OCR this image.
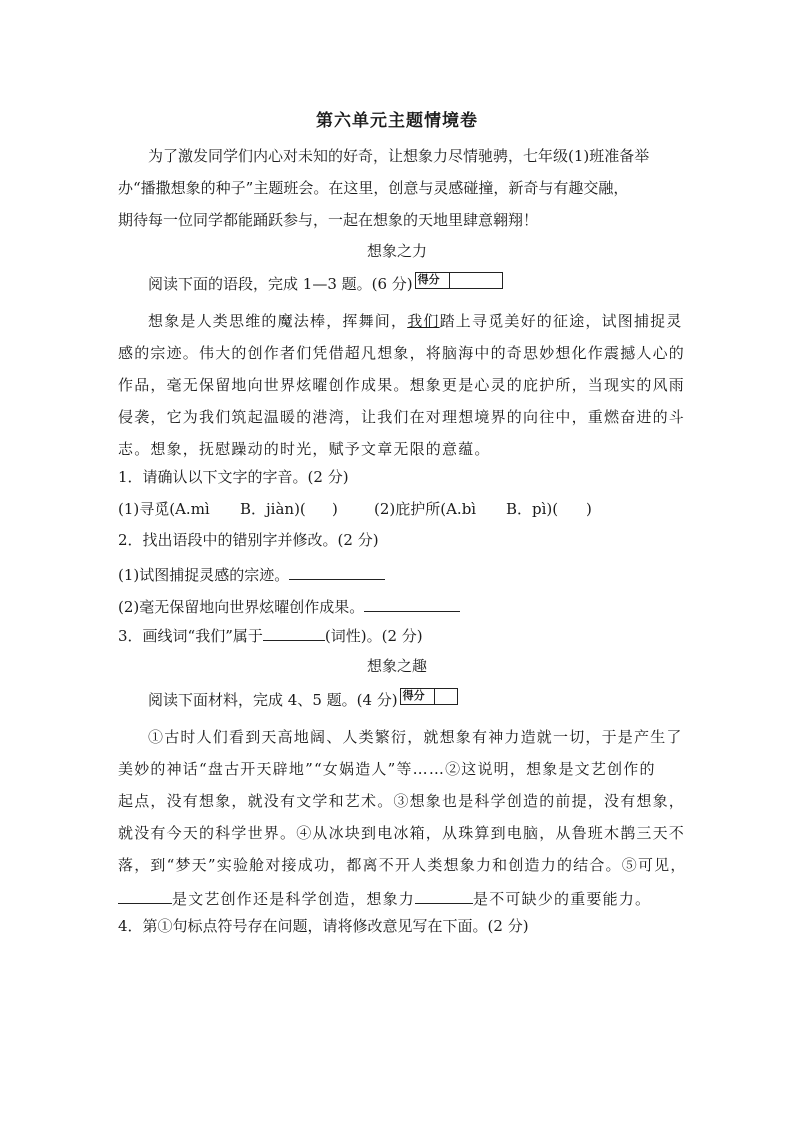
第六单元主题情境卷
为了激发同学们内心对未知的好奇，让想象力尽情驰骋，七年级(1)班准备举
办“播撒想象的种子”主题班会。在这里，创意与灵感碰撞，新奇与有趣交融，
期待每一位同学都能踊跃参与，一起在想象的天地里肆意翱翔！
想象之力
阅读下面的语段，完成 1—3 题。(6 分) 得分
想象是人类思维的魔法棒，挥舞间，我们踏上寻觅美好的征途，试图捕捉灵
感的宗迹。伟大的创作者们凭借超凡想象，将脑海中的奇思妙想化作震撼人心的
作品，毫无保留地向世界炫曜创作成果。想象更是心灵的庇护所，当现实的风雨
侵袭，它为我们筑起温暖的港湾，让我们在对理想境界的向往中，重燃奋进的斗
志。想象，抚慰躁动的时光，赋予文章无限的意蕴。
1．请确认以下文字的字音。(2 分)
(1)寻觅(A.mì B．jiàn)( ) (2)庇护所(A.bì B．pì)( )
2．找出语段中的错别字并修改。(2 分)
(1)试图捕捉灵感的宗迹。
(2)毫无保留地向世界炫曜创作成果。
3．画线词“我们”属于	(词性)。(2 分)
想象之趣
阅读下面材料，完成 4、5 题。(4 分) 得分
①古时人们看到天高地阔、人类繁衍，就想象有神力造就一切，于是产生了
美妙的神话“盘古开天辟地”“女娲造人”等……②这说明，想象是文艺创作的
起点，没有想象，就没有文学和艺术。③想象也是科学创造的前提，没有想象，
就没有今天的科学世界。④从冰块到电冰箱，从珠算到电脑，从鲁班木鹊三天不
落，到“梦天”实验舱对接成功，都离不开人类想象力和创造力的结合。⑤可见，
是文艺创作还是科学创造，想象力	是不可缺少的重要能力。
4．第①句标点符号存在问题，请将修改意见写在下面。(2 分)
